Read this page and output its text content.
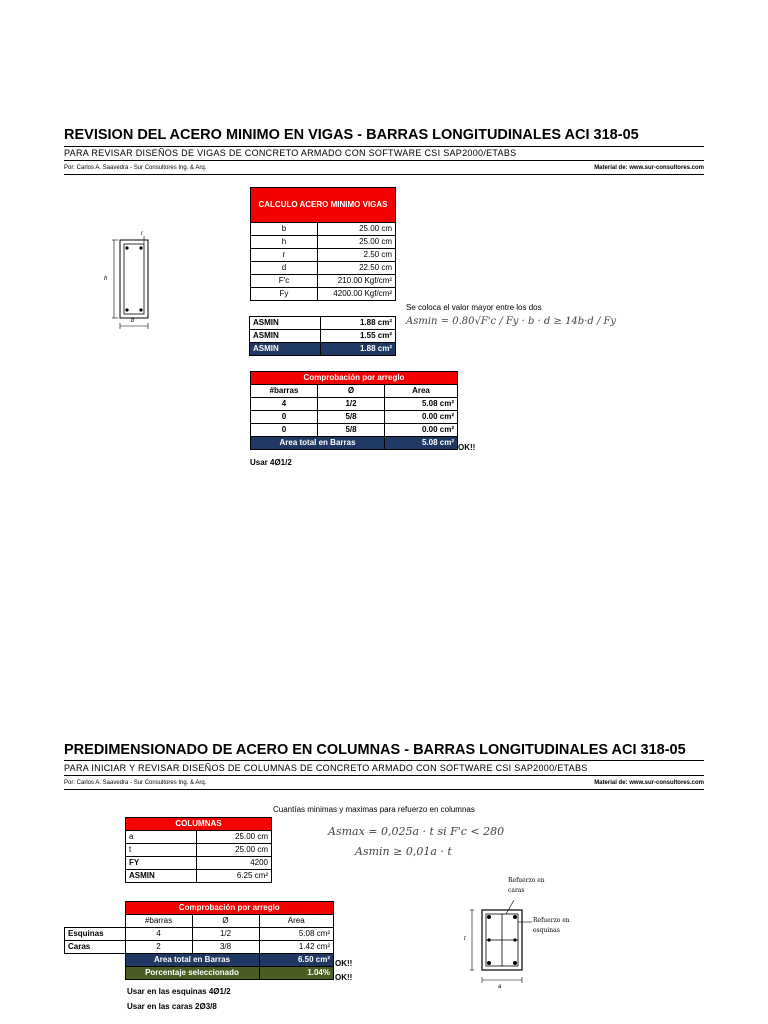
REVISION DEL ACERO MINIMO EN VIGAS - BARRAS LONGITUDINALES ACI 318-05
PARA REVISAR DISEÑOS DE VIGAS DE CONCRETO ARMADO CON SOFTWARE CSI SAP2000/ETABS
Por: Carlos A. Saavedra - Sur Consultores Ing. & Arq.	Material de: www.sur-consultores.com
r
h
b
CALCULO ACERO MINIMO VIGAS	
b	25.00 cm
h	25.00 cm
r	2.50 cm
d	22.50 cm
F'c	210.00 Kgf/cm²
Fy	4200.00 Kgf/cm²
ASMIN	1.88 cm²
ASMIN	1.55 cm²
ASMIN	1.88 cm²
Se coloca el valor mayor entre los dos
Asmin = 0.80√F'c / Fy · b · d ≥ 14b·d / Fy
Comprobación por arreglo		
#barras	Ø	Area
4	1/2	5.08 cm²
0	5/8	0.00 cm²
0	5/8	0.00 cm²
Area total en Barras		5.08 cm²
OK!!
Usar 4Ø1/2
PREDIMENSIONADO DE ACERO EN COLUMNAS - BARRAS LONGITUDINALES ACI 318-05
PARA INICIAR Y REVISAR DISEÑOS DE COLUMNAS DE CONCRETO ARMADO CON SOFTWARE CSI SAP2000/ETABS
Por: Carlos A. Saavedra - Sur Consultores Ing. & Arq.	Material de: www.sur-consultores.com
Cuantías minimas y maximas para refuerzo en columnas
Asmax = 0,025a · t si F'c < 280
Asmin ≥ 0,01a · t
COLUMNAS	
a	25.00 cm
t	25.00 cm
FY	4200
ASMIN	6.25 cm²
	Comprobación por arreglo		
	#barras	Ø	Area
Esquinas	4	1/2	5.08 cm²
Caras	2	3/8	1.42 cm²
	Area total en Barras		6.50 cm²
	Porcentaje seleccionado		1.04%
OK!!
OK!!
Usar en las esquinas 4Ø1/2
Usar en las caras 2Ø3/8
Refuerzo en caras
Refuerzo en esquinas
t
a
